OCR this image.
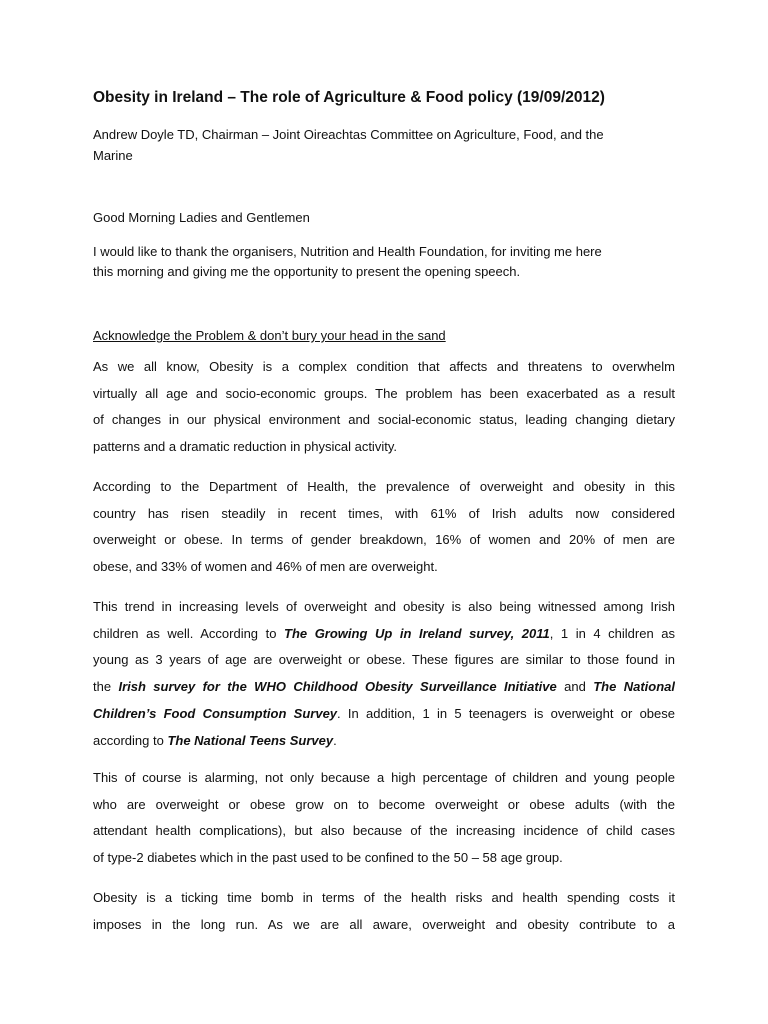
Obesity in Ireland – The role of Agriculture & Food policy (19/09/2012)
Andrew Doyle TD, Chairman – Joint Oireachtas Committee on Agriculture, Food, and the
Marine
Good Morning Ladies and Gentlemen
I would like to thank the organisers, Nutrition and Health Foundation, for inviting me here
this morning and giving me the opportunity to present the opening speech.
Acknowledge the Problem & don’t bury your head in the sand
As we all know, Obesity is a complex condition that affects and threatens to overwhelm
virtually all age and socio-economic groups. The problem has been exacerbated as a result
of changes in our physical environment and social-economic status, leading changing dietary
patterns and a dramatic reduction in physical activity.
According to the Department of Health, the prevalence of overweight and obesity in this
country has risen steadily in recent times, with 61% of Irish adults now considered
overweight or obese. In terms of gender breakdown, 16% of women and 20% of men are
obese, and 33% of women and 46% of men are overweight.
This trend in increasing levels of overweight and obesity is also being witnessed among Irish
children as well. According to The Growing Up in Ireland survey, 2011, 1 in 4 children as
young as 3 years of age are overweight or obese. These figures are similar to those found in
the Irish survey for the WHO Childhood Obesity Surveillance Initiative and The National
Children’s Food Consumption Survey. In addition, 1 in 5 teenagers is overweight or obese
according to The National Teens Survey.
This of course is alarming, not only because a high percentage of children and young people
who are overweight or obese grow on to become overweight or obese adults (with the
attendant health complications), but also because of the increasing incidence of child cases
of type-2 diabetes which in the past used to be confined to the 50 – 58 age group.
Obesity is a ticking time bomb in terms of the health risks and health spending costs it
imposes in the long run. As we are all aware, overweight and obesity contribute to a
